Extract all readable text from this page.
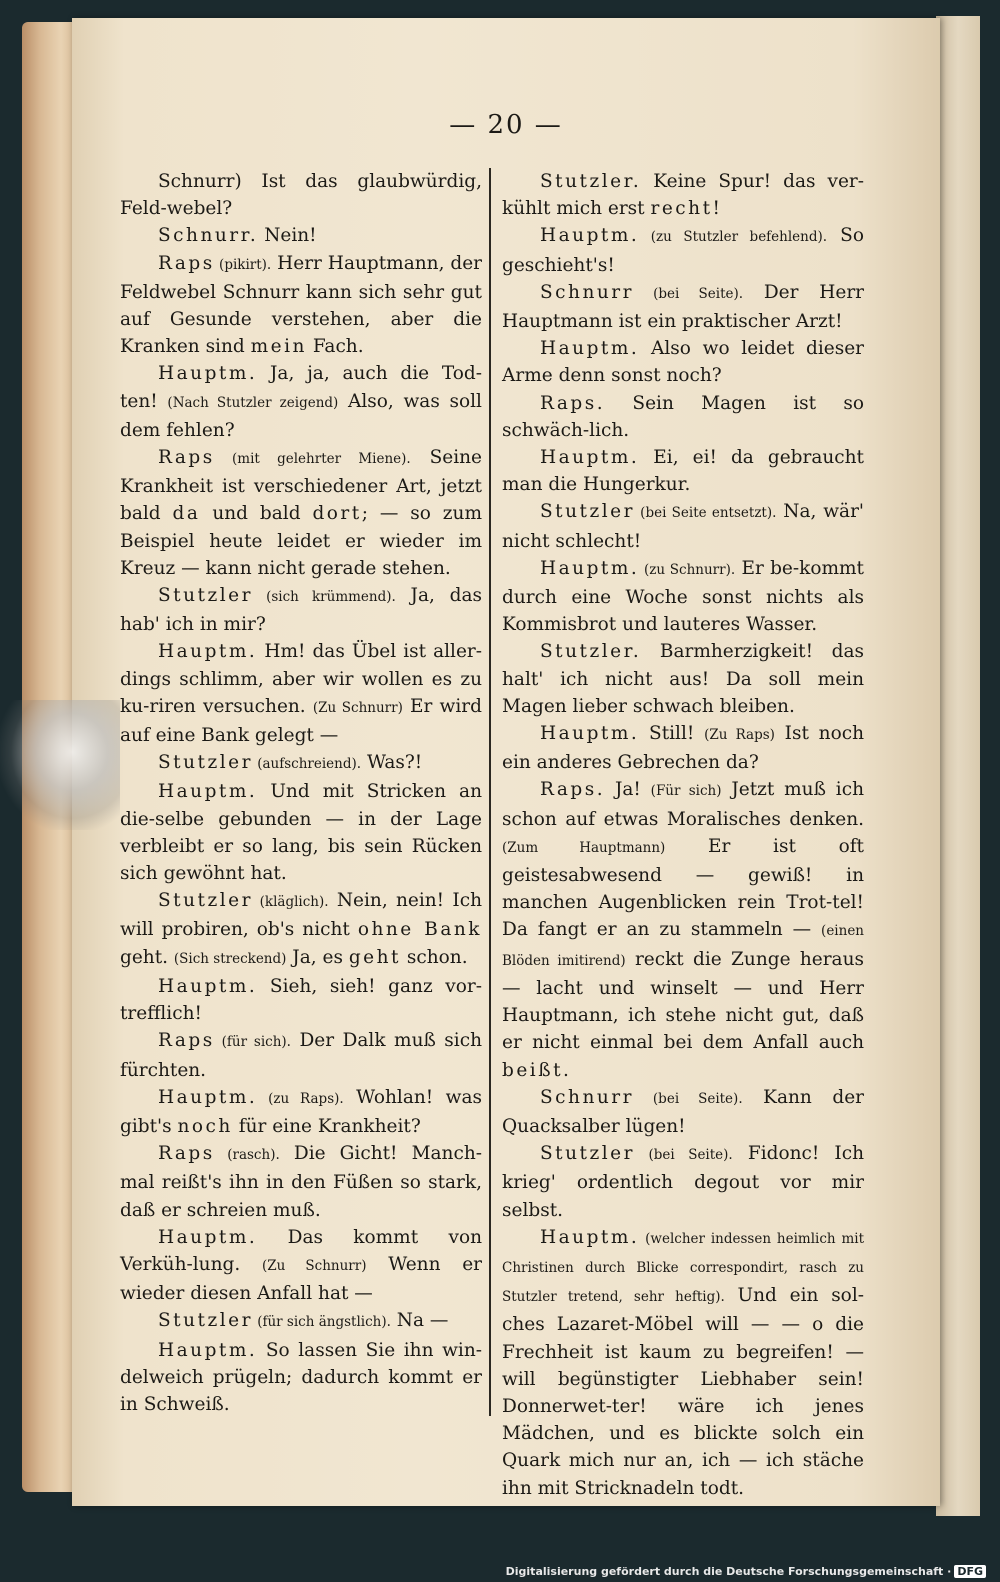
— 20 —

Schnurr) Ist das glaubwürdig, Feld-webel?

Schnurr. Nein!

Raps (pikirt). Herr Hauptmann, der Feldwebel Schnurr kann sich sehr gut auf Gesunde verstehen, aber die Kranken sind mein Fach.

Hauptm. Ja, ja, auch die Tod-ten! (Nach Stutzler zeigend) Also, was soll dem fehlen?

Raps (mit gelehrter Miene). Seine Krankheit ist verschiedener Art, jetzt bald da und bald dort; — so zum Beispiel heute leidet er wieder im Kreuz — kann nicht gerade stehen.

Stutzler (sich krümmend). Ja, das hab' ich in mir?

Hauptm. Hm! das Übel ist aller-dings schlimm, aber wir wollen es zu ku-riren versuchen. (Zu Schnurr) Er wird auf eine Bank gelegt —

Stutzler (aufschreiend). Was?!

Hauptm. Und mit Stricken an die-selbe gebunden — in der Lage verbleibt er so lang, bis sein Rücken sich gewöhnt hat.

Stutzler (kläglich). Nein, nein! Ich will probiren, ob's nicht ohne Bank geht. (Sich streckend) Ja, es geht schon.

Hauptm. Sieh, sieh! ganz vor-trefflich!

Raps (für sich). Der Dalk muß sich fürchten.

Hauptm. (zu Raps). Wohlan! was gibt's noch für eine Krankheit?

Raps (rasch). Die Gicht! Manch-mal reißt's ihn in den Füßen so stark, daß er schreien muß.

Hauptm. Das kommt von Verküh-lung. (Zu Schnurr) Wenn er wieder diesen Anfall hat —

Stutzler (für sich ängstlich). Na —

Hauptm. So lassen Sie ihn win-delweich prügeln; dadurch kommt er in Schweiß.

Stutzler. Keine Spur! das ver-kühlt mich erst recht!

Hauptm. (zu Stutzler befehlend). So geschieht's!

Schnurr (bei Seite). Der Herr Hauptmann ist ein praktischer Arzt!

Hauptm. Also wo leidet dieser Arme denn sonst noch?

Raps. Sein Magen ist so schwäch-lich.

Hauptm. Ei, ei! da gebraucht man die Hungerkur.

Stutzler (bei Seite entsetzt). Na, wär' nicht schlecht!

Hauptm. (zu Schnurr). Er be-kommt durch eine Woche sonst nichts als Kommisbrot und lauteres Wasser.

Stutzler. Barmherzigkeit! das halt' ich nicht aus! Da soll mein Magen lieber schwach bleiben.

Hauptm. Still! (Zu Raps) Ist noch ein anderes Gebrechen da?

Raps. Ja! (Für sich) Jetzt muß ich schon auf etwas Moralisches denken. (Zum Hauptmann) Er ist oft geistesabwesend — gewiß! in manchen Augenblicken rein Trot-tel! Da fangt er an zu stammeln — (einen Blöden imitirend) reckt die Zunge heraus — lacht und winselt — und Herr Hauptmann, ich stehe nicht gut, daß er nicht einmal bei dem Anfall auch beißt.

Schnurr (bei Seite). Kann der Quacksalber lügen!

Stutzler (bei Seite). Fidonc! Ich krieg' ordentlich degout vor mir selbst.

Hauptm. (welcher indessen heimlich mit Christinen durch Blicke correspondirt, rasch zu Stutzler tretend, sehr heftig). Und ein sol-ches Lazaret-Möbel will — — o die Frechheit ist kaum zu begreifen! — will begünstigter Liebhaber sein! Donnerwet-ter! wäre ich jenes Mädchen, und es blickte solch ein Quark mich nur an, ich — ich stäche ihn mit Stricknadeln todt.

Digitalisierung gefördert durch die Deutsche Forschungsgemeinschaft · DFG
